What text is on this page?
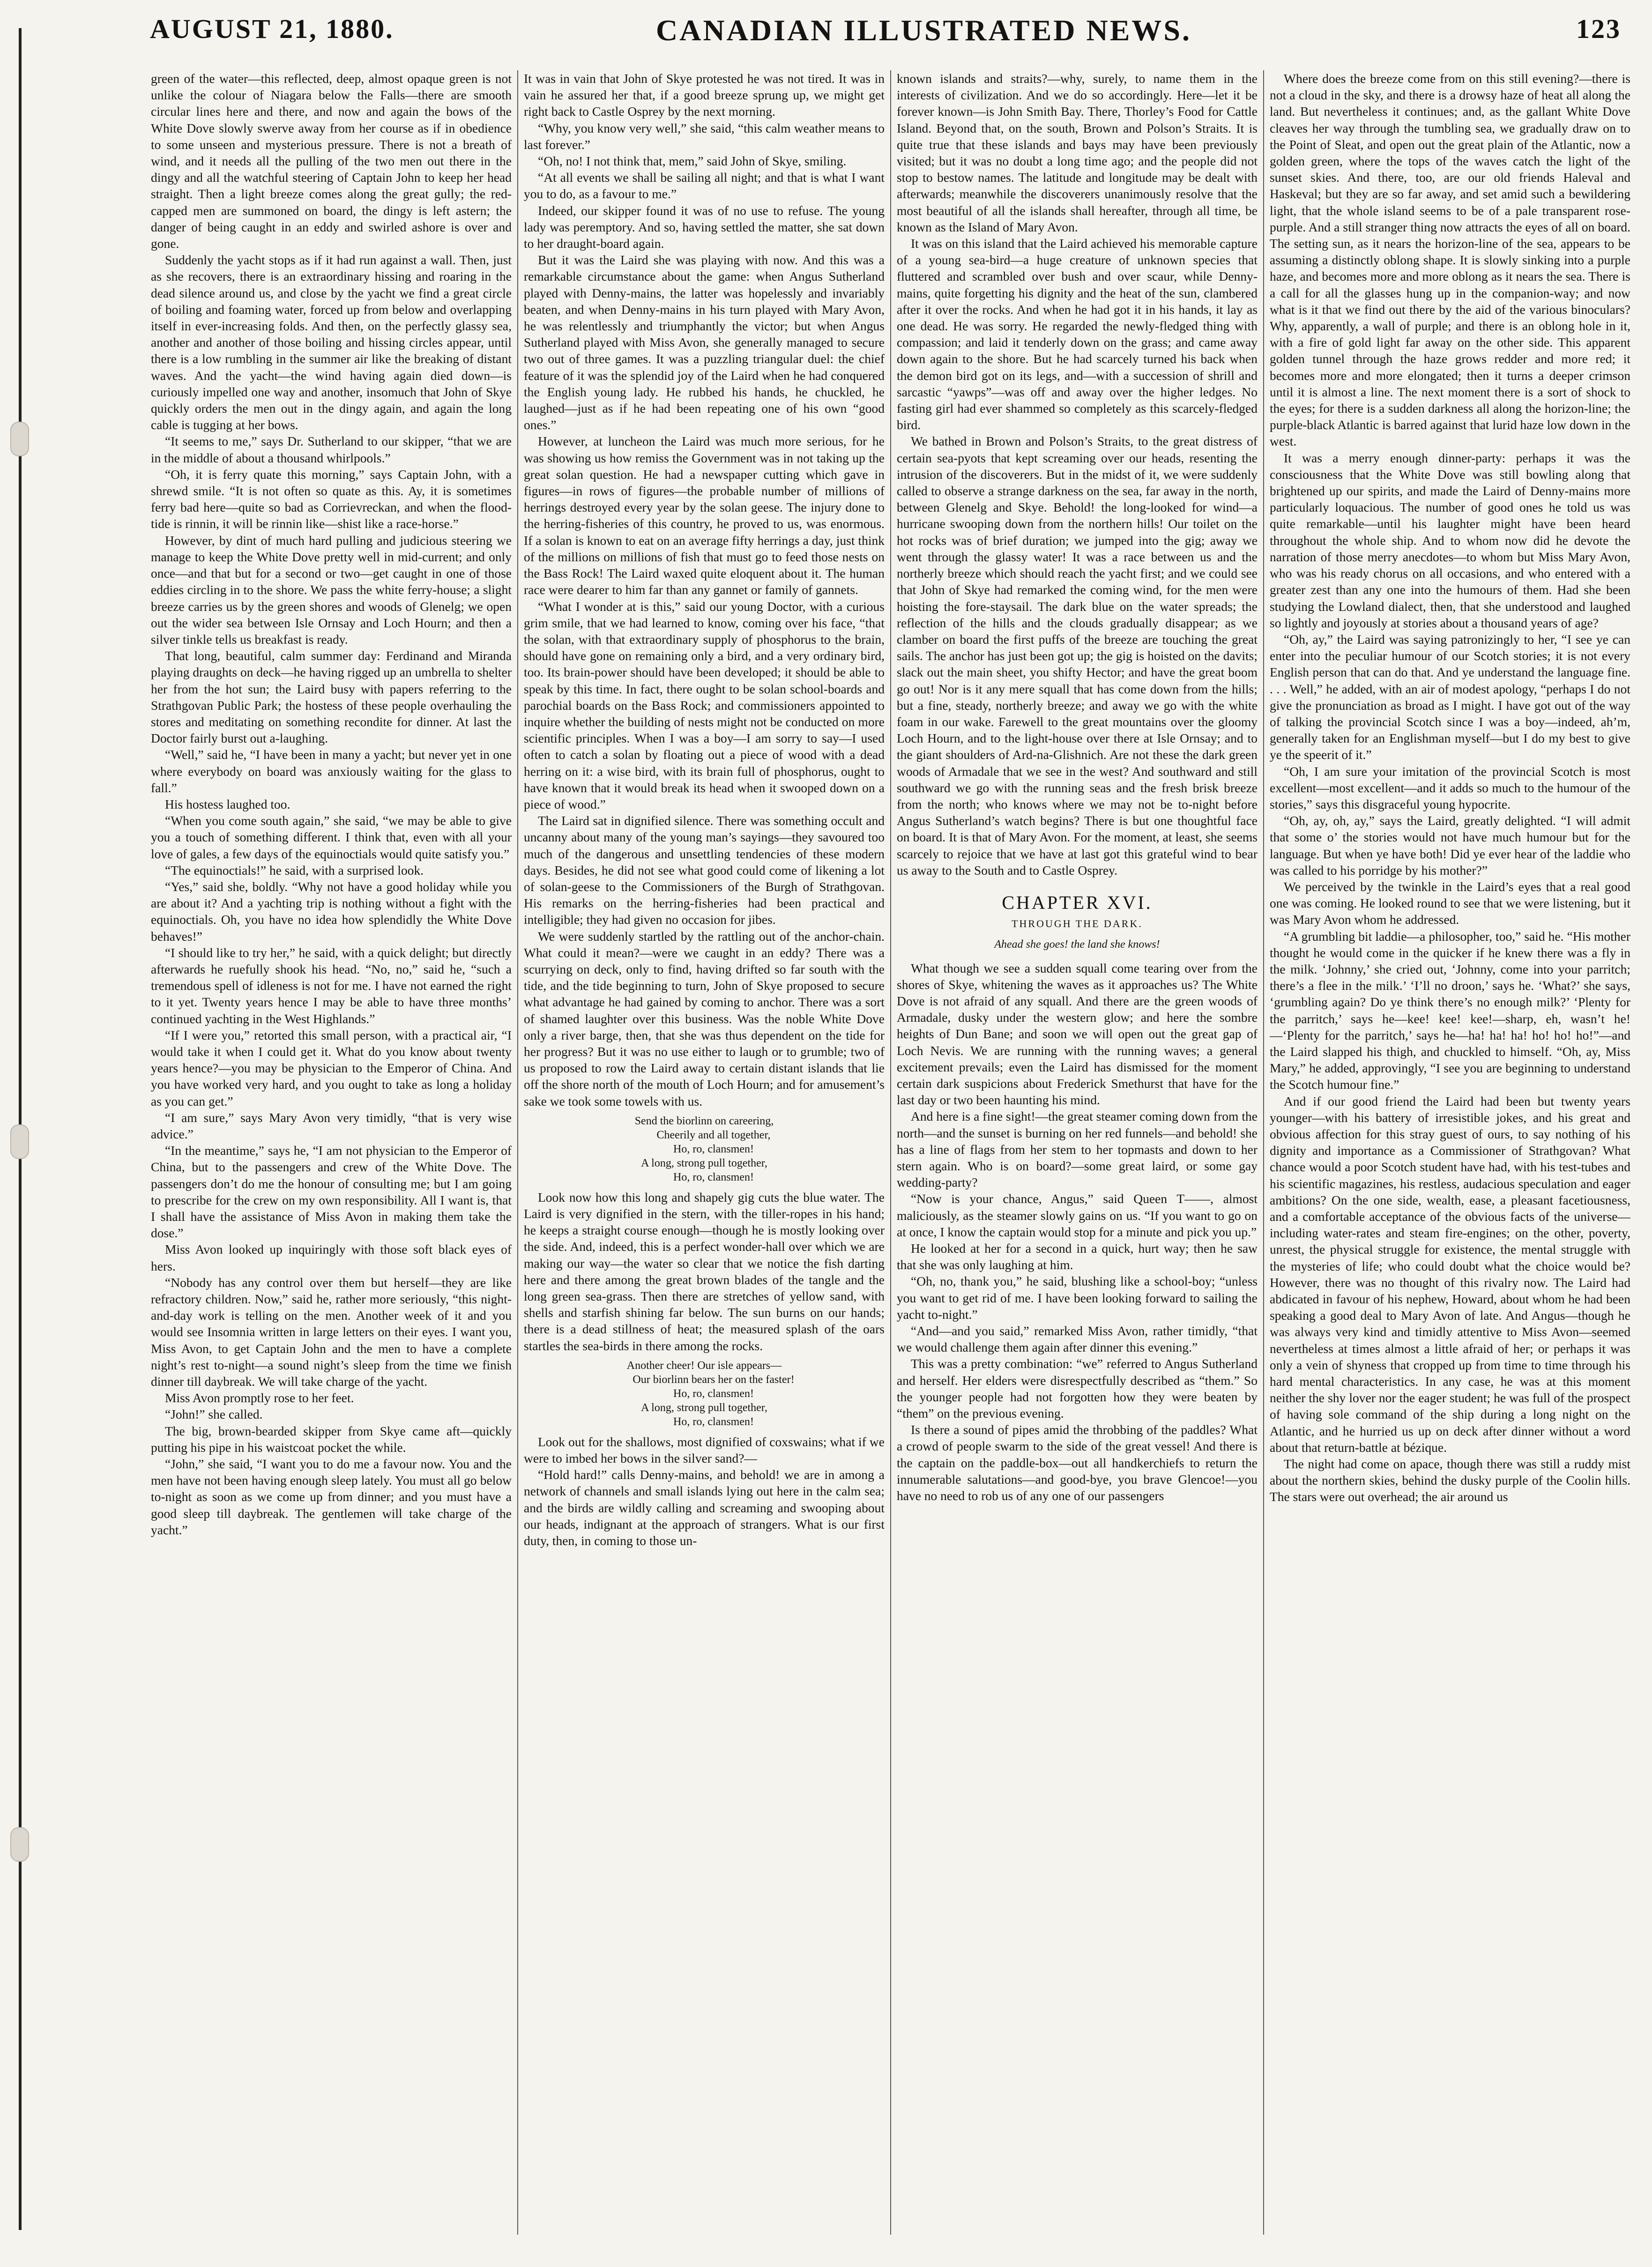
AUGUST 21, 1880.	CANADIAN ILLUSTRATED NEWS.	123

green of the water—this reflected, deep, almost opaque green is not unlike the colour of Niagara below the Falls—there are smooth circular lines here and there, and now and again the bows of the White Dove slowly swerve away from her course as if in obedience to some unseen and mysterious pressure. There is not a breath of wind, and it needs all the pulling of the two men out there in the dingy and all the watchful steering of Captain John to keep her head straight. Then a light breeze comes along the great gully; the red-capped men are summoned on board, the dingy is left astern; the danger of being caught in an eddy and swirled ashore is over and gone.

Suddenly the yacht stops as if it had run against a wall. Then, just as she recovers, there is an extraordinary hissing and roaring in the dead silence around us, and close by the yacht we find a great circle of boiling and foaming water, forced up from below and overlapping itself in ever-increasing folds. And then, on the perfectly glassy sea, another and another of those boiling and hissing circles appear, until there is a low rumbling in the summer air like the breaking of distant waves. And the yacht—the wind having again died down—is curiously impelled one way and another, insomuch that John of Skye quickly orders the men out in the dingy again, and again the long cable is tugging at her bows.

“It seems to me,” says Dr. Sutherland to our skipper, “that we are in the middle of about a thousand whirlpools.”

“Oh, it is ferry quate this morning,” says Captain John, with a shrewd smile. “It is not often so quate as this. Ay, it is sometimes ferry bad here—quite so bad as Corrievreckan, and when the flood-tide is rinnin, it will be rinnin like—shist like a race-horse.”

However, by dint of much hard pulling and judicious steering we manage to keep the White Dove pretty well in mid-current; and only once—and that but for a second or two—get caught in one of those eddies circling in to the shore. We pass the white ferry-house; a slight breeze carries us by the green shores and woods of Glenelg; we open out the wider sea between Isle Ornsay and Loch Hourn; and then a silver tinkle tells us breakfast is ready.

That long, beautiful, calm summer day: Ferdinand and Miranda playing draughts on deck—he having rigged up an umbrella to shelter her from the hot sun; the Laird busy with papers referring to the Strathgovan Public Park; the hostess of these people overhauling the stores and meditating on something recondite for dinner. At last the Doctor fairly burst out a-laughing.

“Well,” said he, “I have been in many a yacht; but never yet in one where everybody on board was anxiously waiting for the glass to fall.”

His hostess laughed too.

“When you come south again,” she said, “we may be able to give you a touch of something different. I think that, even with all your love of gales, a few days of the equinoctials would quite satisfy you.”

“The equinoctials!” he said, with a surprised look.

“Yes,” said she, boldly. “Why not have a good holiday while you are about it? And a yachting trip is nothing without a fight with the equinoctials. Oh, you have no idea how splendidly the White Dove behaves!”

“I should like to try her,” he said, with a quick delight; but directly afterwards he ruefully shook his head. “No, no,” said he, “such a tremendous spell of idleness is not for me. I have not earned the right to it yet. Twenty years hence I may be able to have three months’ continued yachting in the West Highlands.”

“If I were you,” retorted this small person, with a practical air, “I would take it when I could get it. What do you know about twenty years hence?—you may be physician to the Emperor of China. And you have worked very hard, and you ought to take as long a holiday as you can get.”

“I am sure,” says Mary Avon very timidly, “that is very wise advice.”

“In the meantime,” says he, “I am not physician to the Emperor of China, but to the passengers and crew of the White Dove. The passengers don’t do me the honour of consulting me; but I am going to prescribe for the crew on my own responsibility. All I want is, that I shall have the assistance of Miss Avon in making them take the dose.”

Miss Avon looked up inquiringly with those soft black eyes of hers.

“Nobody has any control over them but herself—they are like refractory children. Now,” said he, rather more seriously, “this night-and-day work is telling on the men. Another week of it and you would see Insomnia written in large letters on their eyes. I want you, Miss Avon, to get Captain John and the men to have a complete night’s rest to-night—a sound night’s sleep from the time we finish dinner till daybreak. We will take charge of the yacht.

Miss Avon promptly rose to her feet.

“John!” she called.

The big, brown-bearded skipper from Skye came aft—quickly putting his pipe in his waistcoat pocket the while.

“John,” she said, “I want you to do me a favour now. You and the men have not been having enough sleep lately. You must all go below to-night as soon as we come up from dinner; and you must have a good sleep till daybreak. The gentlemen will take charge of the yacht.”

It was in vain that John of Skye protested he was not tired. It was in vain he assured her that, if a good breeze sprung up, we might get right back to Castle Osprey by the next morning.

“Why, you know very well,” she said, “this calm weather means to last forever.”

“Oh, no! I not think that, mem,” said John of Skye, smiling.

“At all events we shall be sailing all night; and that is what I want you to do, as a favour to me.”

Indeed, our skipper found it was of no use to refuse. The young lady was peremptory. And so, having settled the matter, she sat down to her draught-board again.

But it was the Laird she was playing with now. And this was a remarkable circumstance about the game: when Angus Sutherland played with Denny-mains, the latter was hopelessly and invariably beaten, and when Denny-mains in his turn played with Mary Avon, he was relentlessly and triumphantly the victor; but when Angus Sutherland played with Miss Avon, she generally managed to secure two out of three games. It was a puzzling triangular duel: the chief feature of it was the splendid joy of the Laird when he had conquered the English young lady. He rubbed his hands, he chuckled, he laughed—just as if he had been repeating one of his own “good ones.”

However, at luncheon the Laird was much more serious, for he was showing us how remiss the Government was in not taking up the great solan question. He had a newspaper cutting which gave in figures—in rows of figures—the probable number of millions of herrings destroyed every year by the solan geese. The injury done to the herring-fisheries of this country, he proved to us, was enormous. If a solan is known to eat on an average fifty herrings a day, just think of the millions on millions of fish that must go to feed those nests on the Bass Rock! The Laird waxed quite eloquent about it. The human race were dearer to him far than any gannet or family of gannets.

“What I wonder at is this,” said our young Doctor, with a curious grim smile, that we had learned to know, coming over his face, “that the solan, with that extraordinary supply of phosphorus to the brain, should have gone on remaining only a bird, and a very ordinary bird, too. Its brain-power should have been developed; it should be able to speak by this time. In fact, there ought to be solan school-boards and parochial boards on the Bass Rock; and commissioners appointed to inquire whether the building of nests might not be conducted on more scientific principles. When I was a boy—I am sorry to say—I used often to catch a solan by floating out a piece of wood with a dead herring on it: a wise bird, with its brain full of phosphorus, ought to have known that it would break its head when it swooped down on a piece of wood.”

The Laird sat in dignified silence. There was something occult and uncanny about many of the young man’s sayings—they savoured too much of the dangerous and unsettling tendencies of these modern days. Besides, he did not see what good could come of likening a lot of solan-geese to the Commissioners of the Burgh of Strathgovan. His remarks on the herring-fisheries had been practical and intelligible; they had given no occasion for jibes.

We were suddenly startled by the rattling out of the anchor-chain. What could it mean?—were we caught in an eddy? There was a scurrying on deck, only to find, having drifted so far south with the tide, and the tide beginning to turn, John of Skye proposed to secure what advantage he had gained by coming to anchor. There was a sort of shamed laughter over this business. Was the noble White Dove only a river barge, then, that she was thus dependent on the tide for her progress? But it was no use either to laugh or to grumble; two of us proposed to row the Laird away to certain distant islands that lie off the shore north of the mouth of Loch Hourn; and for amusement’s sake we took some towels with us.

Send the biorlinn on careering,
Cheerily and all together,
Ho, ro, clansmen!
A long, strong pull together,
Ho, ro, clansmen!

Look now how this long and shapely gig cuts the blue water. The Laird is very dignified in the stern, with the tiller-ropes in his hand; he keeps a straight course enough—though he is mostly looking over the side. And, indeed, this is a perfect wonder-hall over which we are making our way—the water so clear that we notice the fish darting here and there among the great brown blades of the tangle and the long green sea-grass. Then there are stretches of yellow sand, with shells and starfish shining far below. The sun burns on our hands; there is a dead stillness of heat; the measured splash of the oars startles the sea-birds in there among the rocks.

Another cheer! Our isle appears—
Our biorlinn bears her on the faster!
Ho, ro, clansmen!
A long, strong pull together,
Ho, ro, clansmen!

Look out for the shallows, most dignified of coxswains; what if we were to imbed her bows in the silver sand?—

“Hold hard!” calls Denny-mains, and behold! we are in among a network of channels and small islands lying out here in the calm sea; and the birds are wildly calling and screaming and swooping about our heads, indignant at the approach of strangers. What is our first duty, then, in coming to those un-

known islands and straits?—why, surely, to name them in the interests of civilization. And we do so accordingly. Here—let it be forever known—is John Smith Bay. There, Thorley’s Food for Cattle Island. Beyond that, on the south, Brown and Polson’s Straits. It is quite true that these islands and bays may have been previously visited; but it was no doubt a long time ago; and the people did not stop to bestow names. The latitude and longitude may be dealt with afterwards; meanwhile the discoverers unanimously resolve that the most beautiful of all the islands shall hereafter, through all time, be known as the Island of Mary Avon.

It was on this island that the Laird achieved his memorable capture of a young sea-bird—a huge creature of unknown species that fluttered and scrambled over bush and over scaur, while Denny-mains, quite forgetting his dignity and the heat of the sun, clambered after it over the rocks. And when he had got it in his hands, it lay as one dead. He was sorry. He regarded the newly-fledged thing with compassion; and laid it tenderly down on the grass; and came away down again to the shore. But he had scarcely turned his back when the demon bird got on its legs, and—with a succession of shrill and sarcastic “yawps”—was off and away over the higher ledges. No fasting girl had ever shammed so completely as this scarcely-fledged bird.

We bathed in Brown and Polson’s Straits, to the great distress of certain sea-pyots that kept screaming over our heads, resenting the intrusion of the discoverers. But in the midst of it, we were suddenly called to observe a strange darkness on the sea, far away in the north, between Glenelg and Skye. Behold! the long-looked for wind—a hurricane swooping down from the northern hills! Our toilet on the hot rocks was of brief duration; we jumped into the gig; away we went through the glassy water! It was a race between us and the northerly breeze which should reach the yacht first; and we could see that John of Skye had remarked the coming wind, for the men were hoisting the fore-staysail. The dark blue on the water spreads; the reflection of the hills and the clouds gradually disappear; as we clamber on board the first puffs of the breeze are touching the great sails. The anchor has just been got up; the gig is hoisted on the davits; slack out the main sheet, you shifty Hector; and have the great boom go out! Nor is it any mere squall that has come down from the hills; but a fine, steady, northerly breeze; and away we go with the white foam in our wake. Farewell to the great mountains over the gloomy Loch Hourn, and to the light-house over there at Isle Ornsay; and to the giant shoulders of Ard-na-Glishnich. Are not these the dark green woods of Armadale that we see in the west? And southward and still southward we go with the running seas and the fresh brisk breeze from the north; who knows where we may not be to-night before Angus Sutherland’s watch begins? There is but one thoughtful face on board. It is that of Mary Avon. For the moment, at least, she seems scarcely to rejoice that we have at last got this grateful wind to bear us away to the South and to Castle Osprey.

CHAPTER XVI.
THROUGH THE DARK.
Ahead she goes! the land she knows!

What though we see a sudden squall come tearing over from the shores of Skye, whitening the waves as it approaches us? The White Dove is not afraid of any squall. And there are the green woods of Armadale, dusky under the western glow; and here the sombre heights of Dun Bane; and soon we will open out the great gap of Loch Nevis. We are running with the running waves; a general excitement prevails; even the Laird has dismissed for the moment certain dark suspicions about Frederick Smethurst that have for the last day or two been haunting his mind.

And here is a fine sight!—the great steamer coming down from the north—and the sunset is burning on her red funnels—and behold! she has a line of flags from her stem to her topmasts and down to her stern again. Who is on board?—some great laird, or some gay wedding-party?

“Now is your chance, Angus,” said Queen T——, almost maliciously, as the steamer slowly gains on us. “If you want to go on at once, I know the captain would stop for a minute and pick you up.”

He looked at her for a second in a quick, hurt way; then he saw that she was only laughing at him.

“Oh, no, thank you,” he said, blushing like a school-boy; “unless you want to get rid of me. I have been looking forward to sailing the yacht to-night.”

“And—and you said,” remarked Miss Avon, rather timidly, “that we would challenge them again after dinner this evening.”

This was a pretty combination: “we” referred to Angus Sutherland and herself. Her elders were disrespectfully described as “them.” So the younger people had not forgotten how they were beaten by “them” on the previous evening.

Is there a sound of pipes amid the throbbing of the paddles? What a crowd of people swarm to the side of the great vessel! And there is the captain on the paddle-box—out all handkerchiefs to return the innumerable salutations—and good-bye, you brave Glencoe!—you have no need to rob us of any one of our passengers

Where does the breeze come from on this still evening?—there is not a cloud in the sky, and there is a drowsy haze of heat all along the land. But nevertheless it continues; and, as the gallant White Dove cleaves her way through the tumbling sea, we gradually draw on to the Point of Sleat, and open out the great plain of the Atlantic, now a golden green, where the tops of the waves catch the light of the sunset skies. And there, too, are our old friends Haleval and Haskeval; but they are so far away, and set amid such a bewildering light, that the whole island seems to be of a pale transparent rose-purple. And a still stranger thing now attracts the eyes of all on board. The setting sun, as it nears the horizon-line of the sea, appears to be assuming a distinctly oblong shape. It is slowly sinking into a purple haze, and becomes more and more oblong as it nears the sea. There is a call for all the glasses hung up in the companion-way; and now what is it that we find out there by the aid of the various binoculars? Why, apparently, a wall of purple; and there is an oblong hole in it, with a fire of gold light far away on the other side. This apparent golden tunnel through the haze grows redder and more red; it becomes more and more elongated; then it turns a deeper crimson until it is almost a line. The next moment there is a sort of shock to the eyes; for there is a sudden darkness all along the horizon-line; the purple-black Atlantic is barred against that lurid haze low down in the west.

It was a merry enough dinner-party: perhaps it was the consciousness that the White Dove was still bowling along that brightened up our spirits, and made the Laird of Denny-mains more particularly loquacious. The number of good ones he told us was quite remarkable—until his laughter might have been heard throughout the whole ship. And to whom now did he devote the narration of those merry anecdotes—to whom but Miss Mary Avon, who was his ready chorus on all occasions, and who entered with a greater zest than any one into the humours of them. Had she been studying the Lowland dialect, then, that she understood and laughed so lightly and joyously at stories about a thousand years of age?

“Oh, ay,” the Laird was saying patronizingly to her, “I see ye can enter into the peculiar humour of our Scotch stories; it is not every English person that can do that. And ye understand the language fine. . . . Well,” he added, with an air of modest apology, “perhaps I do not give the pronunciation as broad as I might. I have got out of the way of talking the provincial Scotch since I was a boy—indeed, ah’m, generally taken for an Englishman myself—but I do my best to give ye the speerit of it.”

“Oh, I am sure your imitation of the provincial Scotch is most excellent—most excellent—and it adds so much to the humour of the stories,” says this disgraceful young hypocrite.

“Oh, ay, oh, ay,” says the Laird, greatly delighted. “I will admit that some o’ the stories would not have much humour but for the language. But when ye have both! Did ye ever hear of the laddie who was called to his porridge by his mother?”

We perceived by the twinkle in the Laird’s eyes that a real good one was coming. He looked round to see that we were listening, but it was Mary Avon whom he addressed.

“A grumbling bit laddie—a philosopher, too,” said he. “His mother thought he would come in the quicker if he knew there was a fly in the milk. ‘Johnny,’ she cried out, ‘Johnny, come into your parritch; there’s a flee in the milk.’ ‘I’ll no droon,’ says he. ‘What?’ she says, ‘grumbling again? Do ye think there’s no enough milk?’ ‘Plenty for the parritch,’ says he—kee! kee! kee!—sharp, eh, wasn’t he!—‘Plenty for the parritch,’ says he—ha! ha! ha! ho! ho! ho!”—and the Laird slapped his thigh, and chuckled to himself. “Oh, ay, Miss Mary,” he added, approvingly, “I see you are beginning to understand the Scotch humour fine.”

And if our good friend the Laird had been but twenty years younger—with his battery of irresistible jokes, and his great and obvious affection for this stray guest of ours, to say nothing of his dignity and importance as a Commissioner of Strathgovan? What chance would a poor Scotch student have had, with his test-tubes and his scientific magazines, his restless, audacious speculation and eager ambitions? On the one side, wealth, ease, a pleasant facetiousness, and a comfortable acceptance of the obvious facts of the universe—including water-rates and steam fire-engines; on the other, poverty, unrest, the physical struggle for existence, the mental struggle with the mysteries of life; who could doubt what the choice would be? However, there was no thought of this rivalry now. The Laird had abdicated in favour of his nephew, Howard, about whom he had been speaking a good deal to Mary Avon of late. And Angus—though he was always very kind and timidly attentive to Miss Avon—seemed nevertheless at times almost a little afraid of her; or perhaps it was only a vein of shyness that cropped up from time to time through his hard mental characteristics. In any case, he was at this moment neither the shy lover nor the eager student; he was full of the prospect of having sole command of the ship during a long night on the Atlantic, and he hurried us up on deck after dinner without a word about that return-battle at bézique.

The night had come on apace, though there was still a ruddy mist about the northern skies, behind the dusky purple of the Coolin hills. The stars were out overhead; the air around us
